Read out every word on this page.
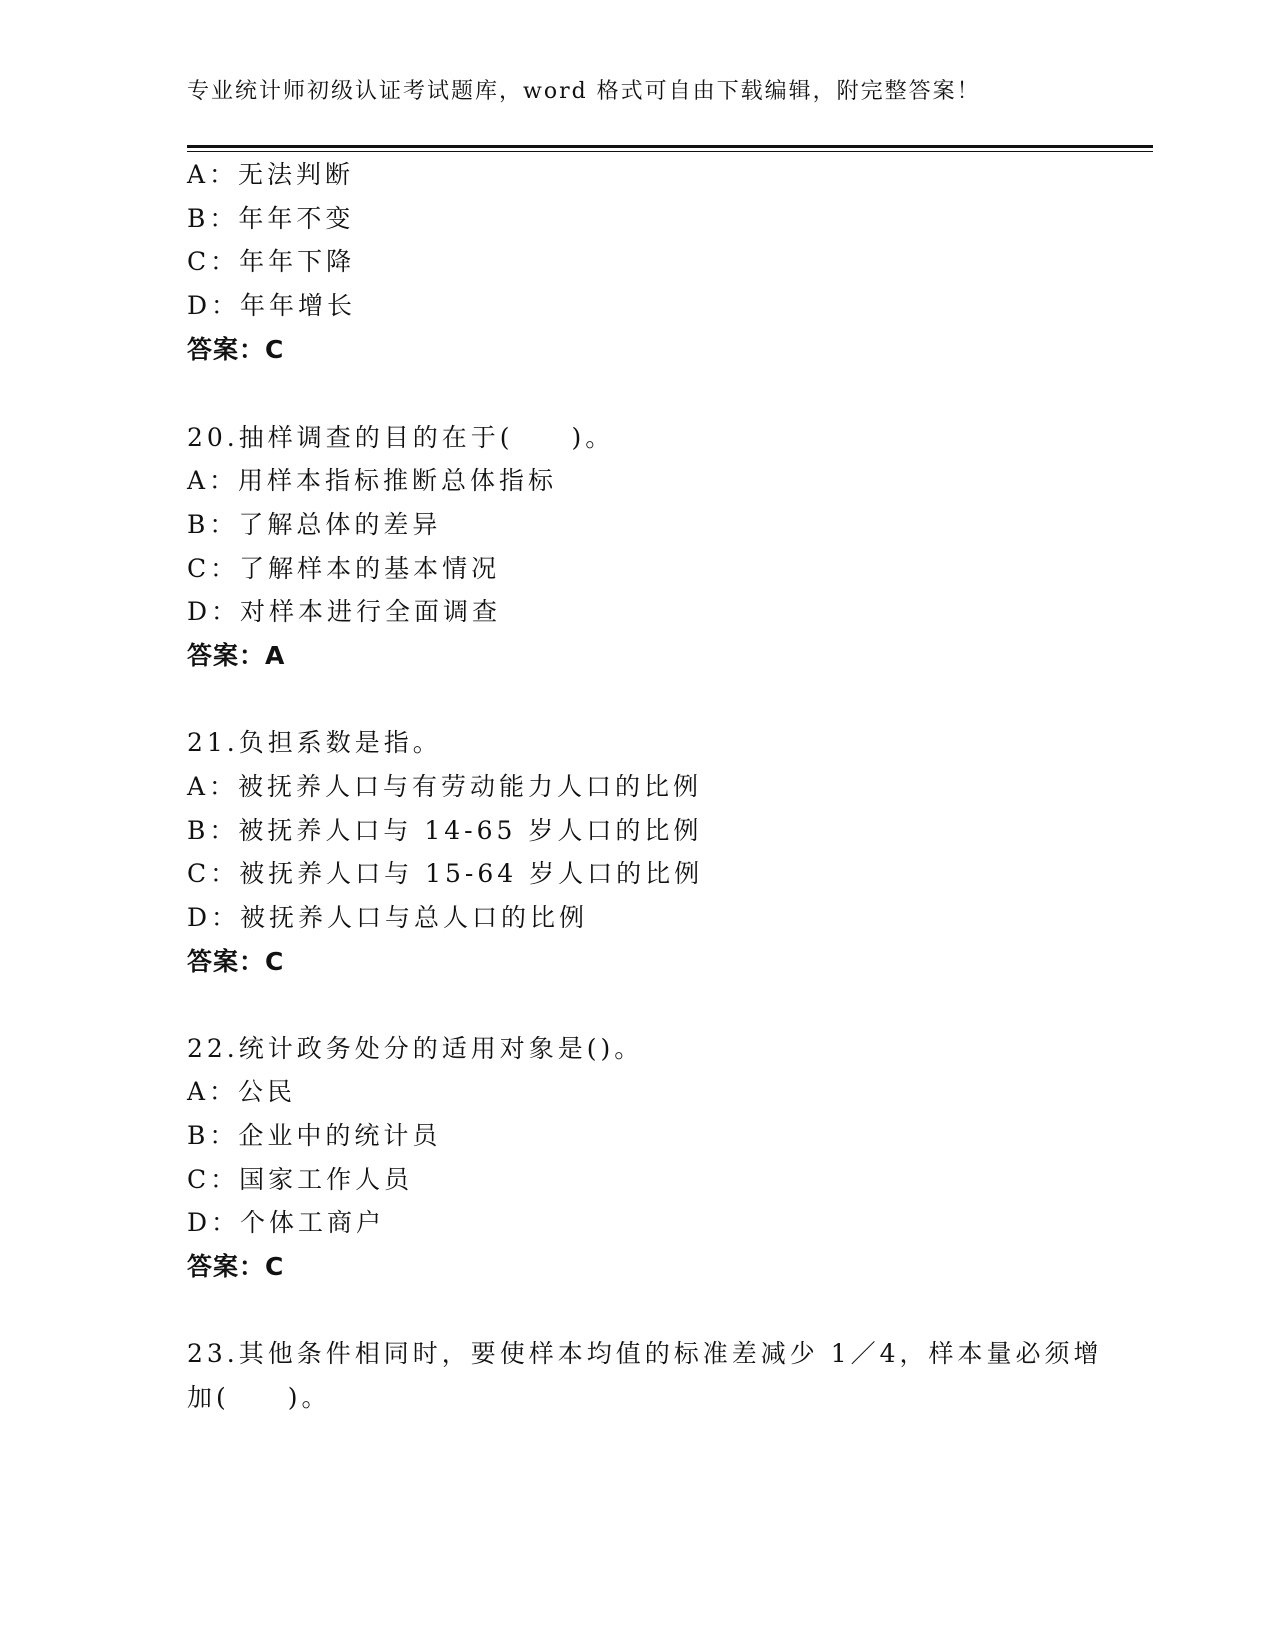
专业统计师初级认证考试题库，word 格式可自由下载编辑，附完整答案！
A：无法判断
B：年年不变
C：年年下降
D：年年增长
答案：C
20.抽样调查的目的在于(　　)。
A：用样本指标推断总体指标
B：了解总体的差异
C：了解样本的基本情况
D：对样本进行全面调查
答案：A
21.负担系数是指。
A：被抚养人口与有劳动能力人口的比例
B：被抚养人口与 14-65 岁人口的比例
C：被抚养人口与 15-64 岁人口的比例
D：被抚养人口与总人口的比例
答案：C
22.统计政务处分的适用对象是()。
A：公民
B：企业中的统计员
C：国家工作人员
D：个体工商户
答案：C
23.其他条件相同时，要使样本均值的标准差减少 1／4，样本量必须增
加(　　)。
